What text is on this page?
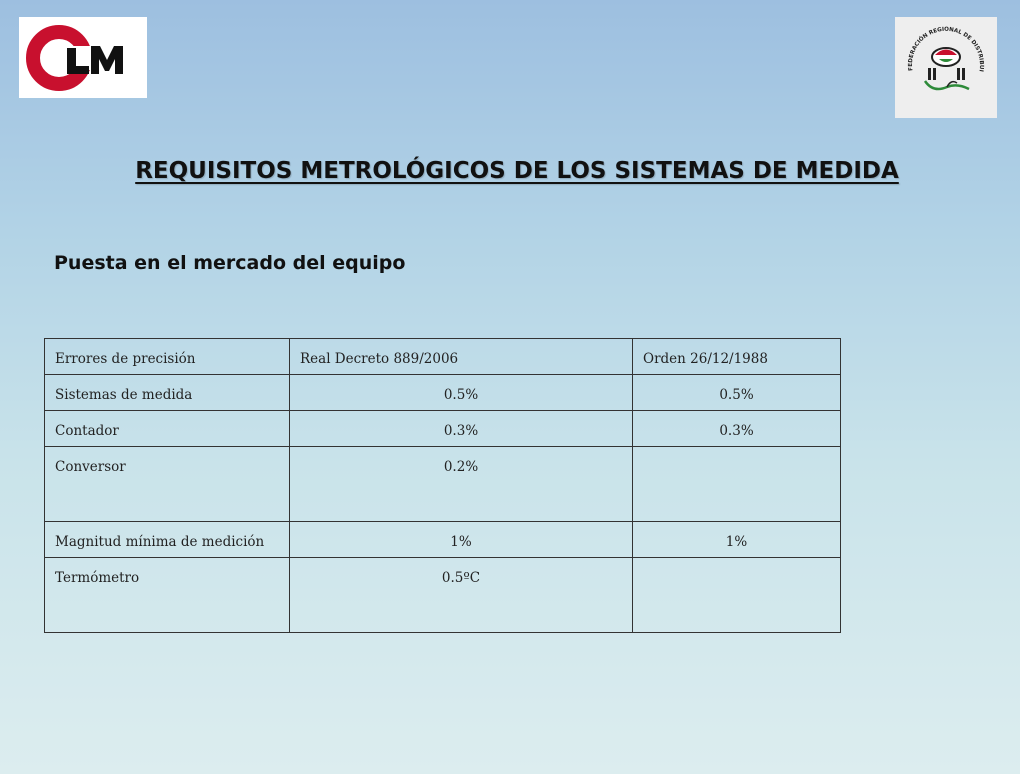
FEDERACIÓN REGIONAL DE DISTRIBUI
REQUISITOS METROLÓGICOS DE LOS SISTEMAS DE MEDIDA
Puesta en el mercado del equipo
Errores de precisión	Real Decreto 889/2006	Orden 26/12/1988
Sistemas de medida	0.5%	0.5%
Contador	0.3%	0.3%
Conversor	0.2%	
Magnitud mínima de medición	1%	1%
Termómetro	0.5ºC	
